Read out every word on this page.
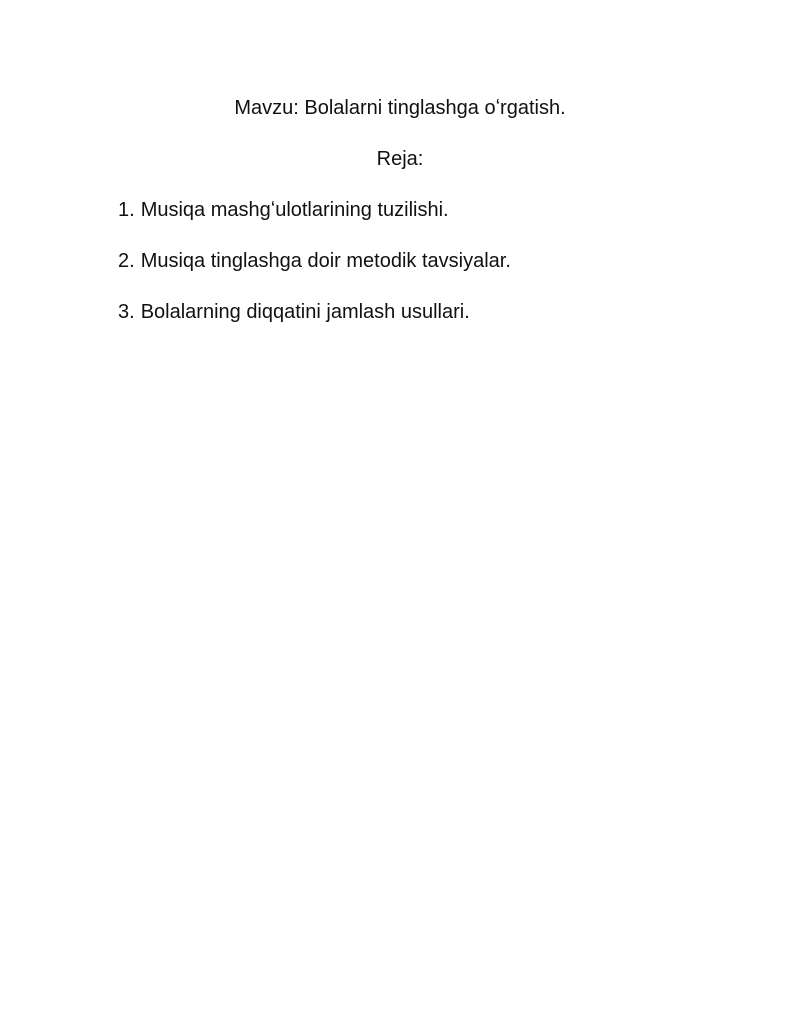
Mavzu: Bolalarni tinglashga oʻrgatish.
Reja:
1. Musiqa mashgʻulotlarining tuzilishi.
2. Musiqa tinglashga doir metodik tavsiyalar.
3. Bolalarning diqqatini jamlash usullari.
